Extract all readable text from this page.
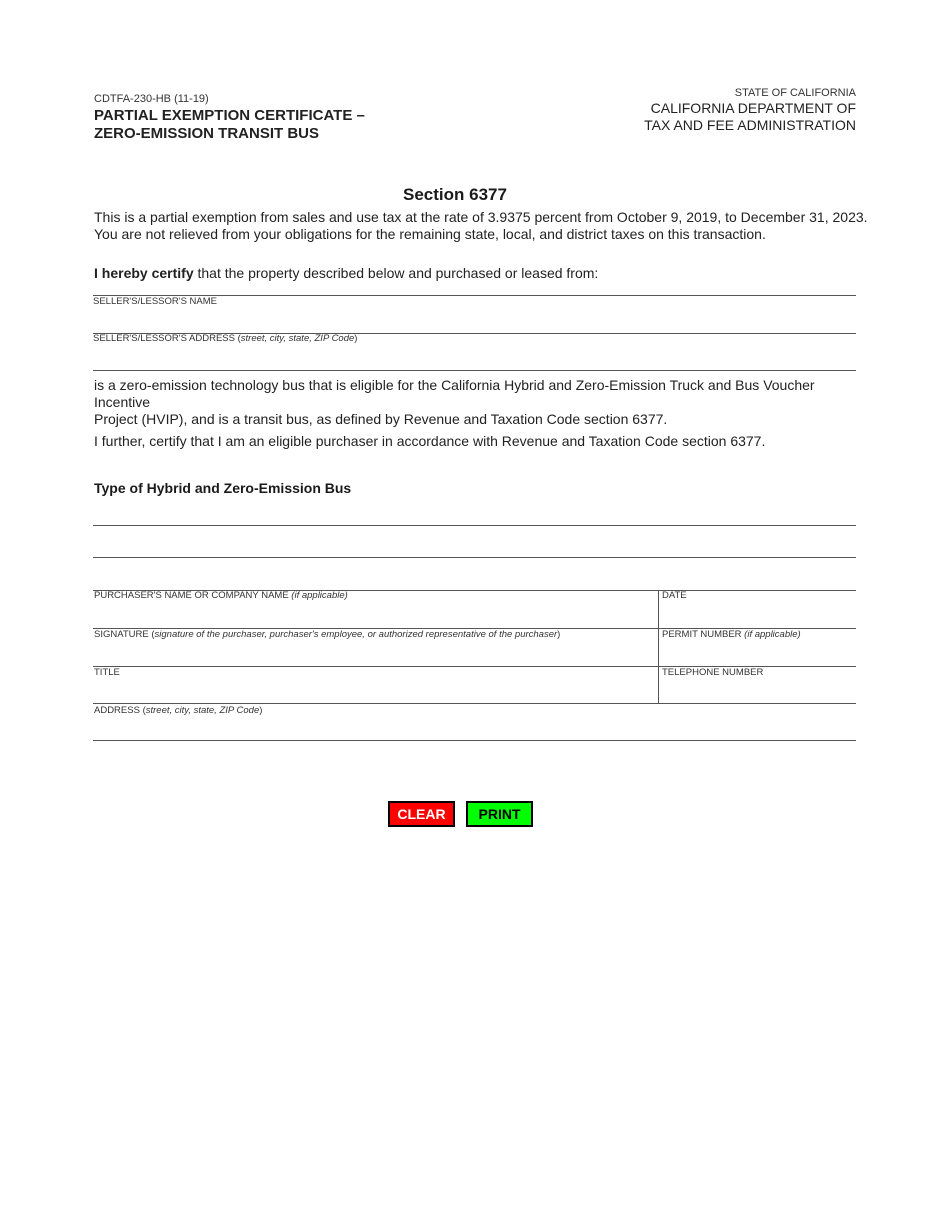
CDTFA-230-HB (11-19)
PARTIAL EXEMPTION CERTIFICATE –
ZERO-EMISSION TRANSIT BUS
STATE OF CALIFORNIA
CALIFORNIA DEPARTMENT OF
TAX AND FEE ADMINISTRATION
Section 6377
This is a partial exemption from sales and use tax at the rate of 3.9375 percent from October 9, 2019, to December 31, 2023.
You are not relieved from your obligations for the remaining state, local, and district taxes on this transaction.
I hereby certify that the property described below and purchased or leased from:
SELLER'S/LESSOR'S NAME
SELLER'S/LESSOR'S ADDRESS (street, city, state, ZIP Code)
is a zero-emission technology bus that is eligible for the California Hybrid and Zero-Emission Truck and Bus Voucher Incentive
Project (HVIP), and is a transit bus, as defined by Revenue and Taxation Code section 6377.
I further, certify that I am an eligible purchaser in accordance with Revenue and Taxation Code section 6377.
Type of Hybrid and Zero-Emission Bus
PURCHASER'S NAME OR COMPANY NAME (if applicable)	DATE
SIGNATURE (signature of the purchaser, purchaser's employee, or authorized representative of the purchaser)	PERMIT NUMBER (if applicable)
TITLE	TELEPHONE NUMBER
ADDRESS (street, city, state, ZIP Code)
CLEAR	PRINT
